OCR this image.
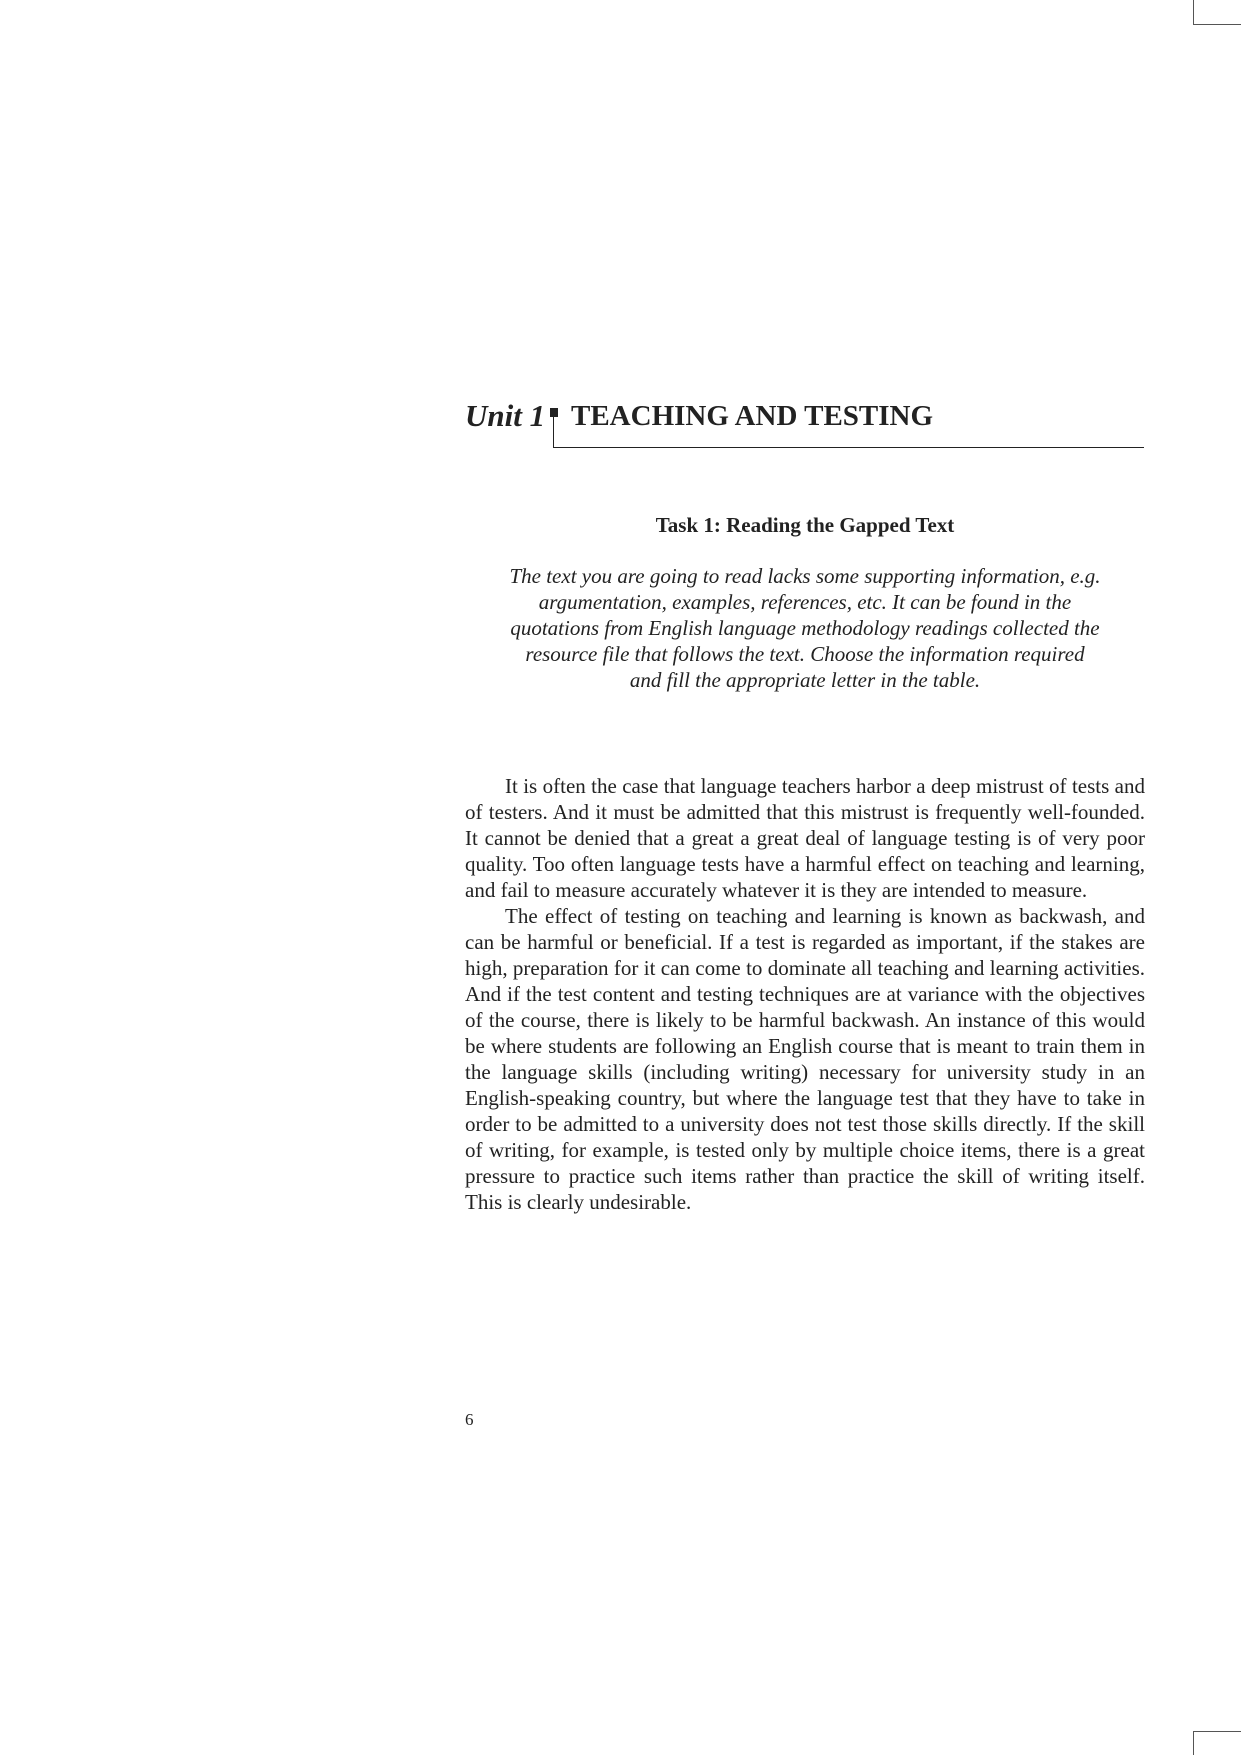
Unit 1 TEACHING AND TESTING
Task 1: Reading the Gapped Text
The text you are going to read lacks some supporting information, e.g. argumentation, examples, references, etc. It can be found in the quotations from English language methodology readings collected the resource file that follows the text. Choose the information required and fill the appropriate letter in the table.

It is often the case that language teachers harbor a deep mistrust of tests and of testers. And it must be admitted that this mistrust is frequently well-founded. It cannot be denied that a great a great deal of language testing is of very poor quality. Too often language tests have a harmful effect on teaching and learning, and fail to measure accurately whatever it is they are intended to measure.

The effect of testing on teaching and learning is known as backwash, and can be harmful or beneficial. If a test is regarded as important, if the stakes are high, preparation for it can come to dominate all teaching and learning activities. And if the test content and testing techniques are at variance with the objectives of the course, there is likely to be harmful backwash. An instance of this would be where students are following an English course that is meant to train them in the language skills (including writing) necessary for university study in an English-speaking country, but where the language test that they have to take in order to be admitted to a university does not test those skills directly. If the skill of writing, for example, is tested only by multiple choice items, there is a great pressure to practice such items rather than practice the skill of writing itself. This is clearly undesirable.

6
